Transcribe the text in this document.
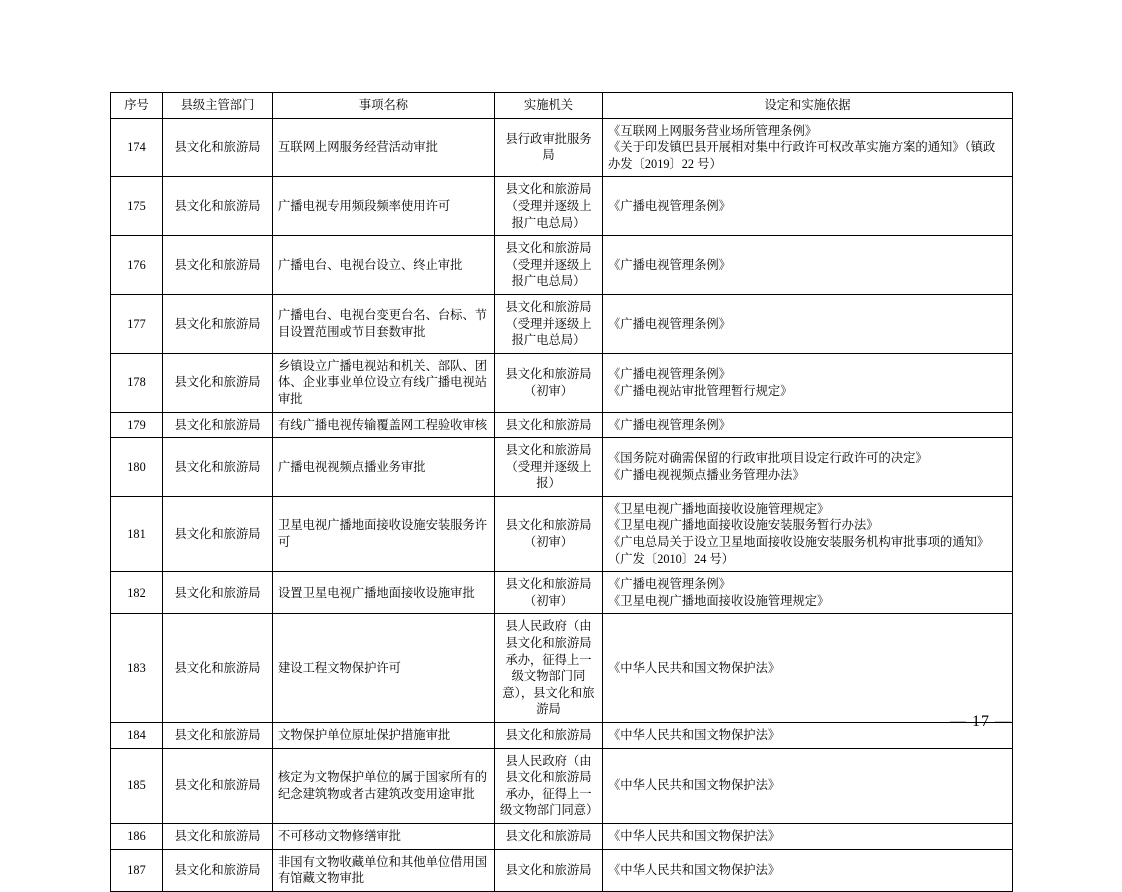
序号	县级主管部门	事项名称	实施机关	设定和实施依据
174	县文化和旅游局	互联网上网服务经营活动审批	县行政审批服务局	《互联网上网服务营业场所管理条例》
《关于印发镇巴县开展相对集中行政许可权改革实施方案的通知》（镇政办发〔2019〕22 号）

175	县文化和旅游局	广播电视专用频段频率使用许可	县文化和旅游局（受理并逐级上报广电总局）	《广播电视管理条例》

176	县文化和旅游局	广播电台、电视台设立、终止审批	县文化和旅游局（受理并逐级上报广电总局）	《广播电视管理条例》

177	县文化和旅游局	广播电台、电视台变更台名、台标、节目设置范围或节目套数审批	县文化和旅游局（受理并逐级上报广电总局）	《广播电视管理条例》

178	县文化和旅游局	乡镇设立广播电视站和机关、部队、团体、企业事业单位设立有线广播电视站审批	县文化和旅游局（初审）	《广播电视管理条例》
《广播电视站审批管理暂行规定》

179	县文化和旅游局	有线广播电视传输覆盖网工程验收审核	县文化和旅游局	《广播电视管理条例》

180	县文化和旅游局	广播电视视频点播业务审批	县文化和旅游局（受理并逐级上报）	《国务院对确需保留的行政审批项目设定行政许可的决定》
《广播电视视频点播业务管理办法》

181	县文化和旅游局	卫星电视广播地面接收设施安装服务许可	县文化和旅游局（初审）	《卫星电视广播地面接收设施管理规定》
《卫星电视广播地面接收设施安装服务暂行办法》
《广电总局关于设立卫星地面接收设施安装服务机构审批事项的通知》（广发〔2010〕24 号）

182	县文化和旅游局	设置卫星电视广播地面接收设施审批	县文化和旅游局（初审）	《广播电视管理条例》
《卫星电视广播地面接收设施管理规定》

183	县文化和旅游局	建设工程文物保护许可	县人民政府（由县文化和旅游局承办，征得上一级文物部门同意），县文化和旅游局	《中华人民共和国文物保护法》

184	县文化和旅游局	文物保护单位原址保护措施审批	县文化和旅游局	《中华人民共和国文物保护法》

185	县文化和旅游局	核定为文物保护单位的属于国家所有的纪念建筑物或者古建筑改变用途审批	县人民政府（由县文化和旅游局承办，征得上一级文物部门同意）	《中华人民共和国文物保护法》

186	县文化和旅游局	不可移动文物修缮审批	县文化和旅游局	《中华人民共和国文物保护法》

187	县文化和旅游局	非国有文物收藏单位和其他单位借用国有馆藏文物审批	县文化和旅游局	《中华人民共和国文物保护法》
— 17 —
